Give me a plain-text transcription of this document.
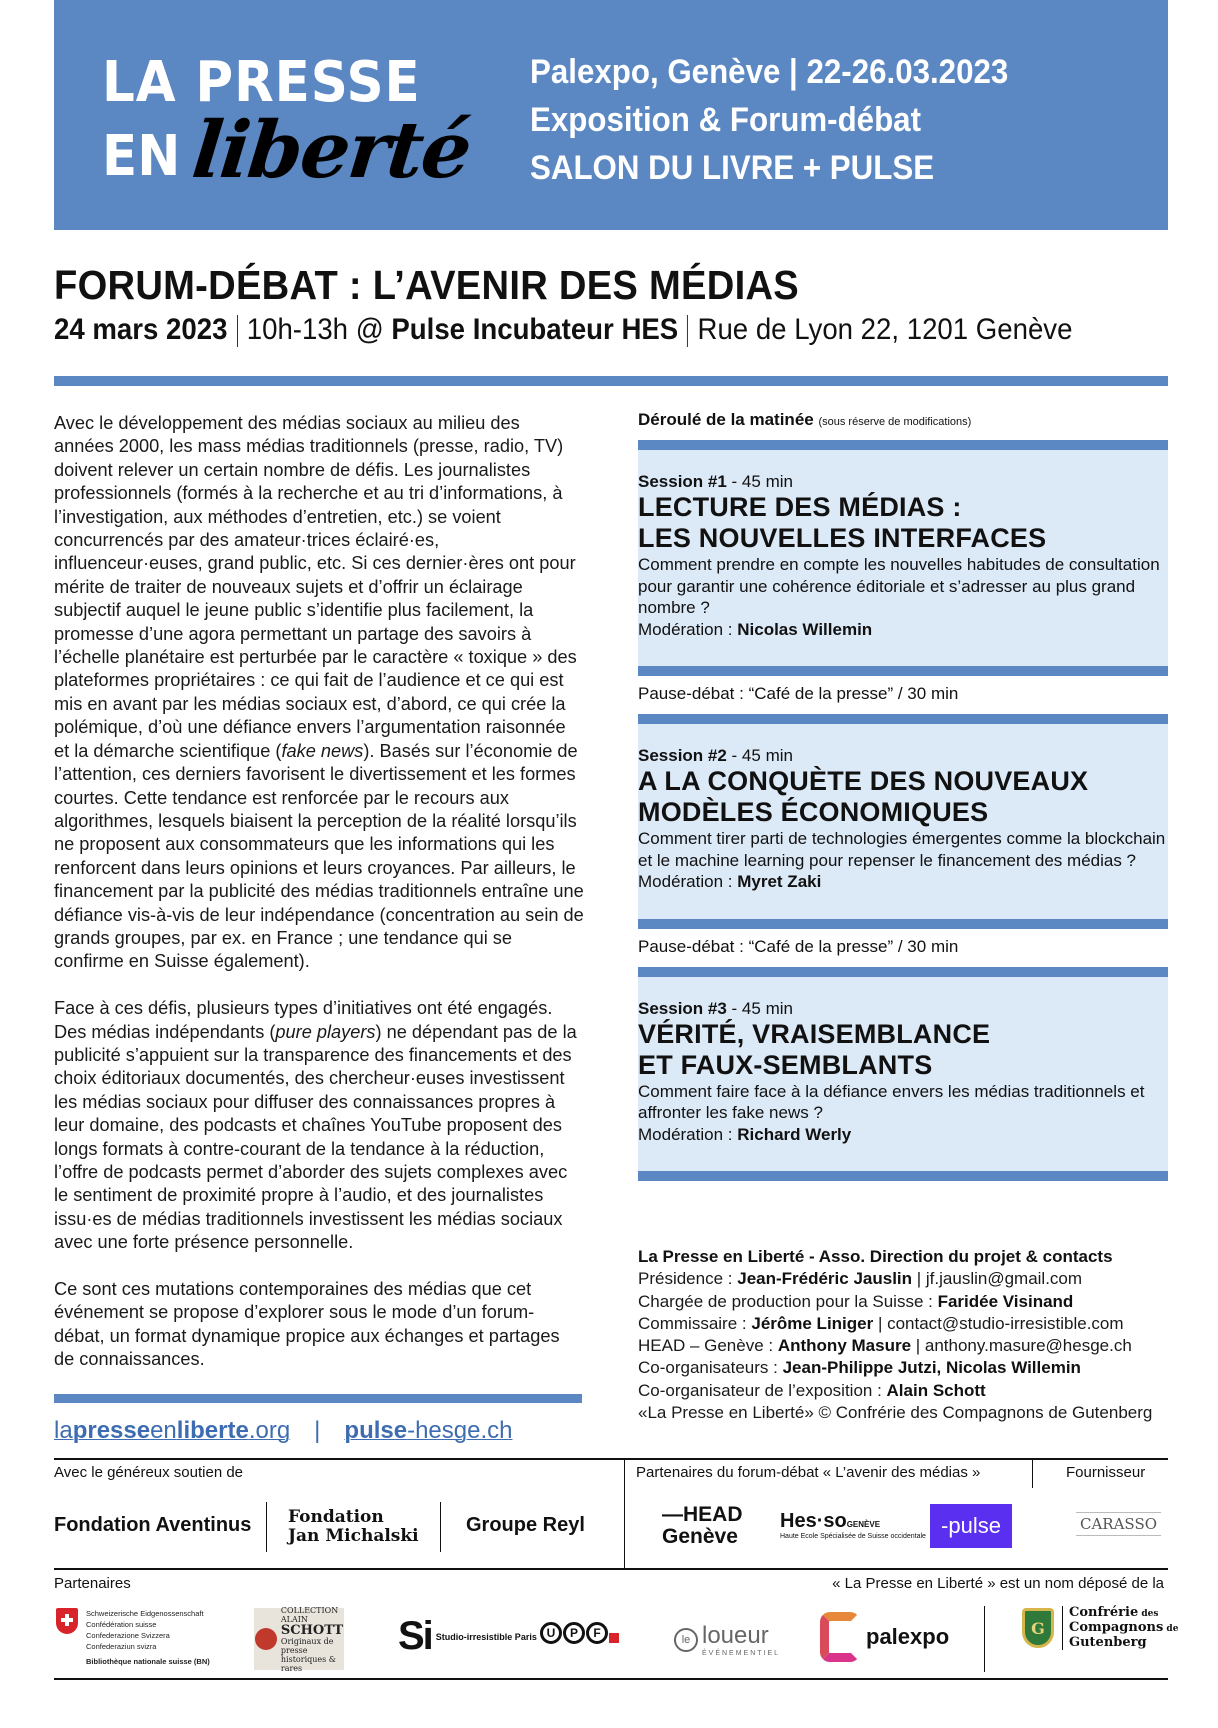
LA PRESSE
EN liberté
Palexpo, Genève | 22-26.03.2023
Exposition & Forum-débat
SALON DU LIVRE + PULSE
FORUM-DÉBAT : L’AVENIR DES MÉDIAS
24 mars 2023 10h-13h @ Pulse Incubateur HES Rue de Lyon 22, 1201 Genève

Avec le développement des médias sociaux au milieu des années 2000, les mass médias traditionnels (presse, radio, TV) doivent relever un certain nombre de défis. Les journalistes professionnels (formés à la recherche et au tri d’informations, à l’investigation, aux méthodes d’entretien, etc.) se voient concurrencés par des amateur·trices éclairé·es, influenceur·euses, grand public, etc. Si ces dernier·ères ont pour mérite de traiter de nouveaux sujets et d’offrir un éclairage subjectif auquel le jeune public s’identifie plus facilement, la promesse d’une agora permettant un partage des savoirs à l’échelle planétaire est perturbée par le caractère « toxique » des plateformes propriétaires : ce qui fait de l’audience et ce qui est mis en avant par les médias sociaux est, d’abord, ce qui crée la polémique, d’où une défiance envers l’argumentation raisonnée et la démarche scientifique (fake news). Basés sur l’économie de l’attention, ces derniers favorisent le divertissement et les formes courtes. Cette tendance est renforcée par le recours aux algorithmes, lesquels biaisent la perception de la réalité lorsqu’ils ne proposent aux consommateurs que les informations qui les renforcent dans leurs opinions et leurs croyances. Par ailleurs, le financement par la publicité des médias traditionnels entraîne une défiance vis-à-vis de leur indépendance (concentration au sein de grands groupes, par ex. en France ; une tendance qui se confirme en Suisse également).

Face à ces défis, plusieurs types d’initiatives ont été engagés. Des médias indépendants (pure players) ne dépendant pas de la publicité s’appuient sur la transparence des financements et des choix éditoriaux documentés, des chercheur·euses investissent les médias sociaux pour diffuser des connaissances propres à leur domaine, des podcasts et chaînes YouTube proposent des longs formats à contre-courant de la tendance à la réduction, l’offre de podcasts permet d’aborder des sujets complexes avec le sentiment de proximité propre à l’audio, et des journalistes issu·es de médias traditionnels investissent les médias sociaux avec une forte présence personnelle.

Ce sont ces mutations contemporaines des médias que cet événement se propose d’explorer sous le mode d’un forum-débat, un format dynamique propice aux échanges et partages de connaissances.

lapresseenliberte.org | pulse-hesge.ch
Déroulé de la matinée (sous réserve de modifications)
Session #1 - 45 min
LECTURE DES MÉDIAS :
LES NOUVELLES INTERFACES
Comment prendre en compte les nouvelles habitudes de consultation pour garantir une cohérence éditoriale et s’adresser au plus grand nombre ?
Modération : Nicolas Willemin
Pause-débat : “Café de la presse” / 30 min
Session #2 - 45 min
A LA CONQUÈTE DES NOUVEAUX
MODÈLES ÉCONOMIQUES
Comment tirer parti de technologies émergentes comme la blockchain et le machine learning pour repenser le financement des médias ?
Modération : Myret Zaki
Pause-débat : “Café de la presse” / 30 min
Session #3 - 45 min
VÉRITÉ, VRAISEMBLANCE
ET FAUX-SEMBLANTS
Comment faire face à la défiance envers les médias traditionnels et affronter les fake news ?
Modération : Richard Werly
La Presse en Liberté - Asso. Direction du projet & contacts
Présidence : Jean-Frédéric Jauslin | jf.jauslin@gmail.com
Chargée de production pour la Suisse : Faridée Visinand
Commissaire : Jérôme Liniger | contact@studio-irresistible.com
HEAD – Genève : Anthony Masure | anthony.masure@hesge.ch
Co-organisateurs : Jean-Philippe Jutzi, Nicolas Willemin
Co-organisateur de l’exposition : Alain Schott
«La Presse en Liberté» © Confrérie des Compagnons de Gutenberg
Avec le généreux soutien de
Fondation Aventinus Fondation
Jan Michalski Groupe Reyl
Partenaires du forum-débat « L’avenir des médias »
—HEAD
Genève
Hes·soGENÈVE
Haute Ecole Spécialisée de Suisse occidentale -pulse
Fournisseur
CARASSO
Partenaires	« La Presse en Liberté » est un nom déposé de la
Schweizerische Eidgenossenschaft
Confédération suisse
Confederazione Svizzera
Confederaziun svizra
Bibliothèque nationale suisse (BN)
COLLECTION
ALAIN
SCHOTT
Originaux de presse historiques & rares
Si Studio-irresistible Paris U	P	F	le loueur
ÉVÉNEMENTIEL
palexpo	G
Confrérie des
Compagnons de
Gutenberg
